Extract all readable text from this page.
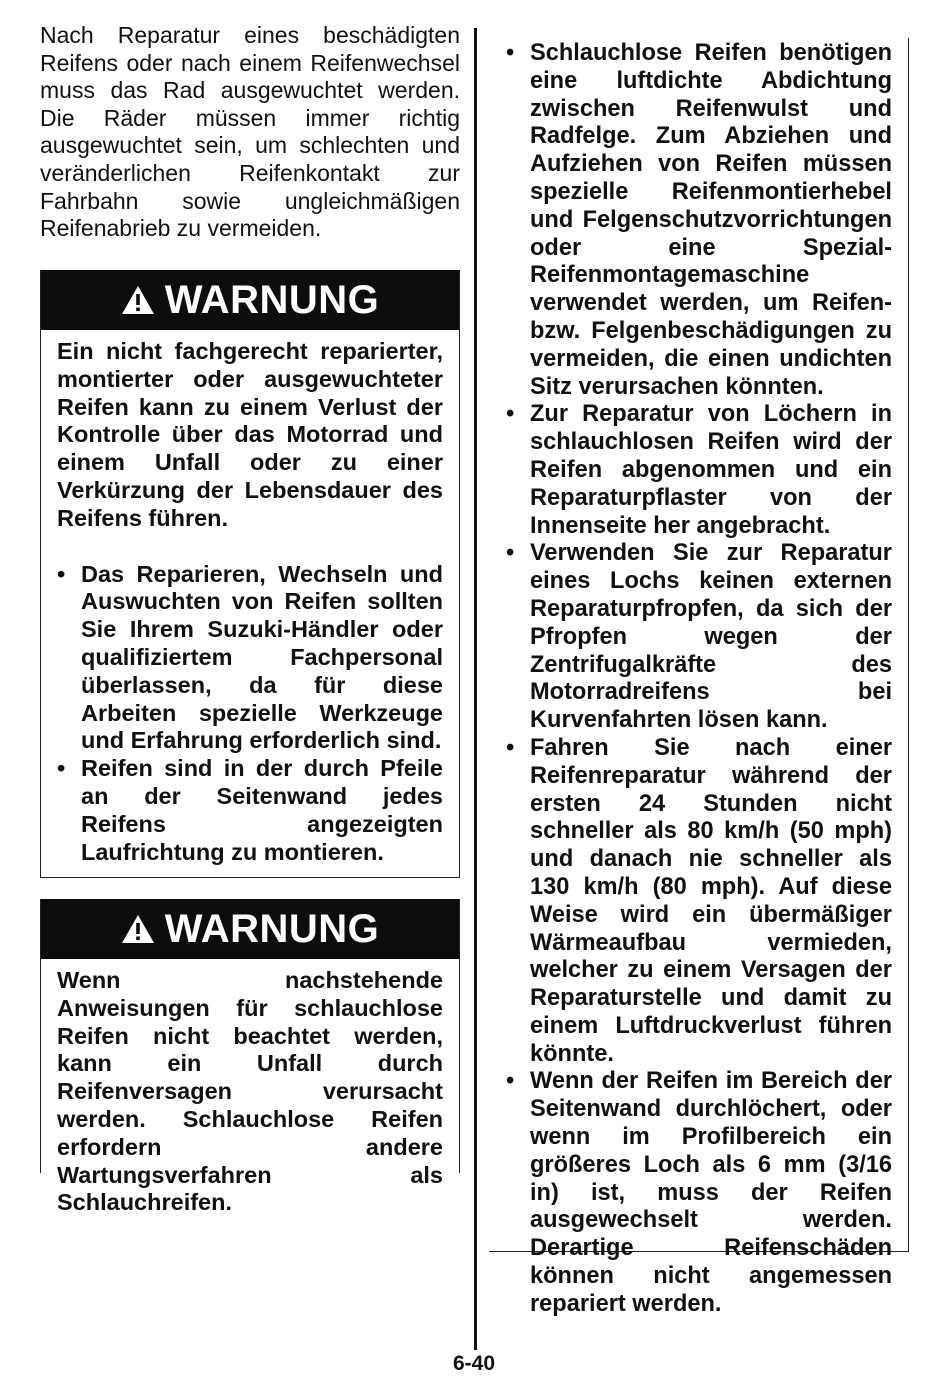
Nach Reparatur eines beschädigten Reifens oder nach einem Reifenwechsel muss das Rad ausgewuchtet werden. Die Räder müssen immer richtig ausgewuchtet sein, um schlechten und veränderlichen Reifenkontakt zur Fahrbahn sowie ungleichmäßigen Reifenabrieb zu vermeiden.

WARNUNG

Ein nicht fachgerecht reparierter, montierter oder ausgewuchteter Reifen kann zu einem Verlust der Kontrolle über das Motorrad und einem Unfall oder zu einer Verkürzung der Lebensdauer des Reifens führen.

• Das Reparieren, Wechseln und Auswuchten von Reifen sollten Sie Ihrem Suzuki-Händler oder qualifiziertem Fachpersonal überlassen, da für diese Arbeiten spezielle Werkzeuge und Erfahrung erforderlich sind.
• Reifen sind in der durch Pfeile an der Seitenwand jedes Reifens angezeigten Laufrichtung zu montieren.
WARNUNG

Wenn nachstehende Anweisungen für schlauchlose Reifen nicht beachtet werden, kann ein Unfall durch Reifenversagen verursacht werden. Schlauchlose Reifen erfordern andere Wartungsverfahren als Schlauchreifen.

• Schlauchlose Reifen benötigen eine luftdichte Abdichtung zwischen Reifenwulst und Radfelge. Zum Abziehen und Aufziehen von Reifen müssen spezielle Reifenmontierhebel und Felgenschutzvorrichtungen oder eine Spezial-Reifenmontagemaschine verwendet werden, um Reifen- bzw. Felgenbeschädigungen zu vermeiden, die einen undichten Sitz verursachen könnten.
• Zur Reparatur von Löchern in schlauchlosen Reifen wird der Reifen abgenommen und ein Reparaturpflaster von der Innenseite her angebracht.
• Verwenden Sie zur Reparatur eines Lochs keinen externen Reparaturpfropfen, da sich der Pfropfen wegen der Zentrifugalkräfte des Motorradreifens bei Kurvenfahrten lösen kann.
• Fahren Sie nach einer Reifenreparatur während der ersten 24 Stunden nicht schneller als 80 km/h (50 mph) und danach nie schneller als 130 km/h (80 mph). Auf diese Weise wird ein übermäßiger Wärmeaufbau vermieden, welcher zu einem Versagen der Reparaturstelle und damit zu einem Luftdruckverlust führen könnte.
• Wenn der Reifen im Bereich der Seitenwand durchlöchert, oder wenn im Profilbereich ein größeres Loch als 6 mm (3/16 in) ist, muss der Reifen ausgewechselt werden. Derartige Reifenschäden können nicht angemessen repariert werden.
6-40
